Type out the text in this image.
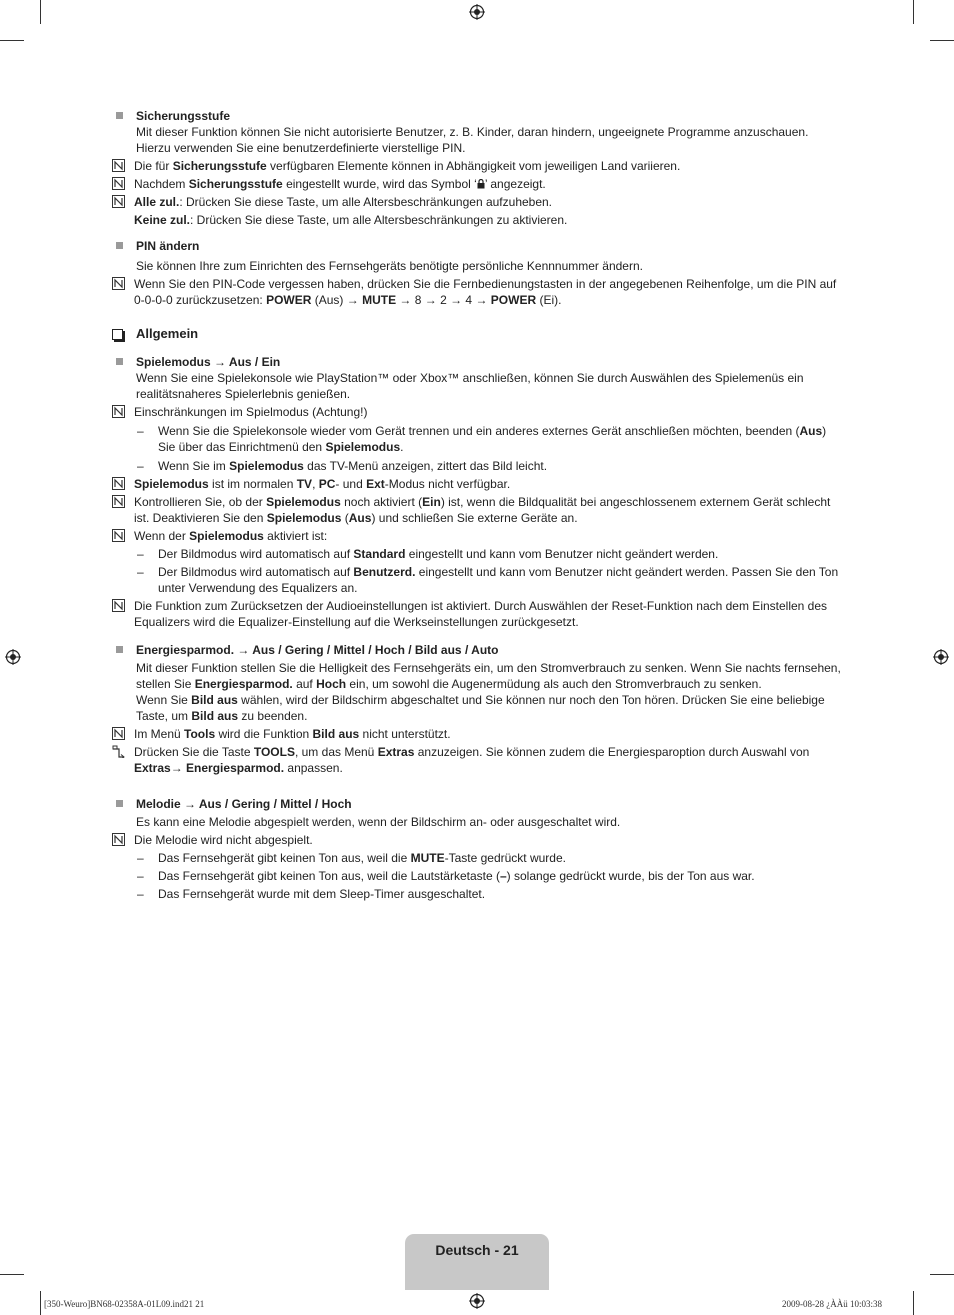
Sicherungsstufe

Mit dieser Funktion können Sie nicht autorisierte Benutzer, z. B. Kinder, daran hindern, ungeeignete Programme anzuschauen. Hierzu verwenden Sie eine benutzerdefinierte vierstellige PIN.

Die für Sicherungsstufe verfügbaren Elemente können in Abhängigkeit vom jeweiligen Land variieren.
Nachdem Sicherungsstufe eingestellt wurde, wird das Symbol ‘ ’ angezeigt.
Alle zul.: Drücken Sie diese Taste, um alle Altersbeschränkungen aufzuheben.
Keine zul.: Drücken Sie diese Taste, um alle Altersbeschränkungen zu aktivieren.
PIN ändern

Sie können Ihre zum Einrichten des Fernsehgeräts benötigte persönliche Kennnummer ändern.

Wenn Sie den PIN-Code vergessen haben, drücken Sie die Fernbedienungstasten in der angegebenen Reihenfolge, um die PIN auf 0-0-0-0 zurückzusetzen: POWER (Aus) → MUTE → 8 → 2 → 4 → POWER (Ei).
Allgemein
Spielemodus → Aus / Ein

Wenn Sie eine Spielekonsole wie PlayStation™ oder Xbox™ anschließen, können Sie durch Auswählen des Spielemenüs ein realitätsnaheres Spielerlebnis genießen.

Einschränkungen im Spielmodus (Achtung!)
– Wenn Sie die Spielekonsole wieder vom Gerät trennen und ein anderes externes Gerät anschließen möchten, beenden (Aus) Sie über das Einrichtmenü den Spielemodus.
– Wenn Sie im Spielemodus das TV-Menü anzeigen, zittert das Bild leicht.
Spielemodus ist im normalen TV, PC- und Ext-Modus nicht verfügbar.
Kontrollieren Sie, ob der Spielemodus noch aktiviert (Ein) ist, wenn die Bildqualität bei angeschlossenem externem Gerät schlecht ist. Deaktivieren Sie den Spielemodus (Aus) und schließen Sie externe Geräte an.
Wenn der Spielemodus aktiviert ist:
– Der Bildmodus wird automatisch auf Standard eingestellt und kann vom Benutzer nicht geändert werden.
– Der Bildmodus wird automatisch auf Benutzerd. eingestellt und kann vom Benutzer nicht geändert werden. Passen Sie den Ton unter Verwendung des Equalizers an.
Die Funktion zum Zurücksetzen der Audioeinstellungen ist aktiviert. Durch Auswählen der Reset-Funktion nach dem Einstellen des Equalizers wird die Equalizer-Einstellung auf die Werkseinstellungen zurückgesetzt.
Energiesparmod. → Aus / Gering / Mittel / Hoch / Bild aus / Auto

Mit dieser Funktion stellen Sie die Helligkeit des Fernsehgeräts ein, um den Stromverbrauch zu senken. Wenn Sie nachts fernsehen, stellen Sie Energiesparmod. auf Hoch ein, um sowohl die Augenermüdung als auch den Stromverbrauch zu senken.

Wenn Sie Bild aus wählen, wird der Bildschirm abgeschaltet und Sie können nur noch den Ton hören. Drücken Sie eine beliebige Taste, um Bild aus zu beenden.

Im Menü Tools wird die Funktion Bild aus nicht unterstützt.
Drücken Sie die Taste TOOLS, um das Menü Extras anzuzeigen. Sie können zudem die Energiesparoption durch Auswahl von Extras→ Energiesparmod. anpassen.
Melodie → Aus / Gering / Mittel / Hoch

Es kann eine Melodie abgespielt werden, wenn der Bildschirm an- oder ausgeschaltet wird.

Die Melodie wird nicht abgespielt.
– Das Fernsehgerät gibt keinen Ton aus, weil die MUTE-Taste gedrückt wurde.
– Das Fernsehgerät gibt keinen Ton aus, weil die Lautstärketaste (–) solange gedrückt wurde, bis der Ton aus war.
– Das Fernsehgerät wurde mit dem Sleep-Timer ausgeschaltet.
Deutsch - 21
[350-Weuro]BN68-02358A-01L09.ind21 21	2009-08-28 ¿ÀÀü 10:03:38
